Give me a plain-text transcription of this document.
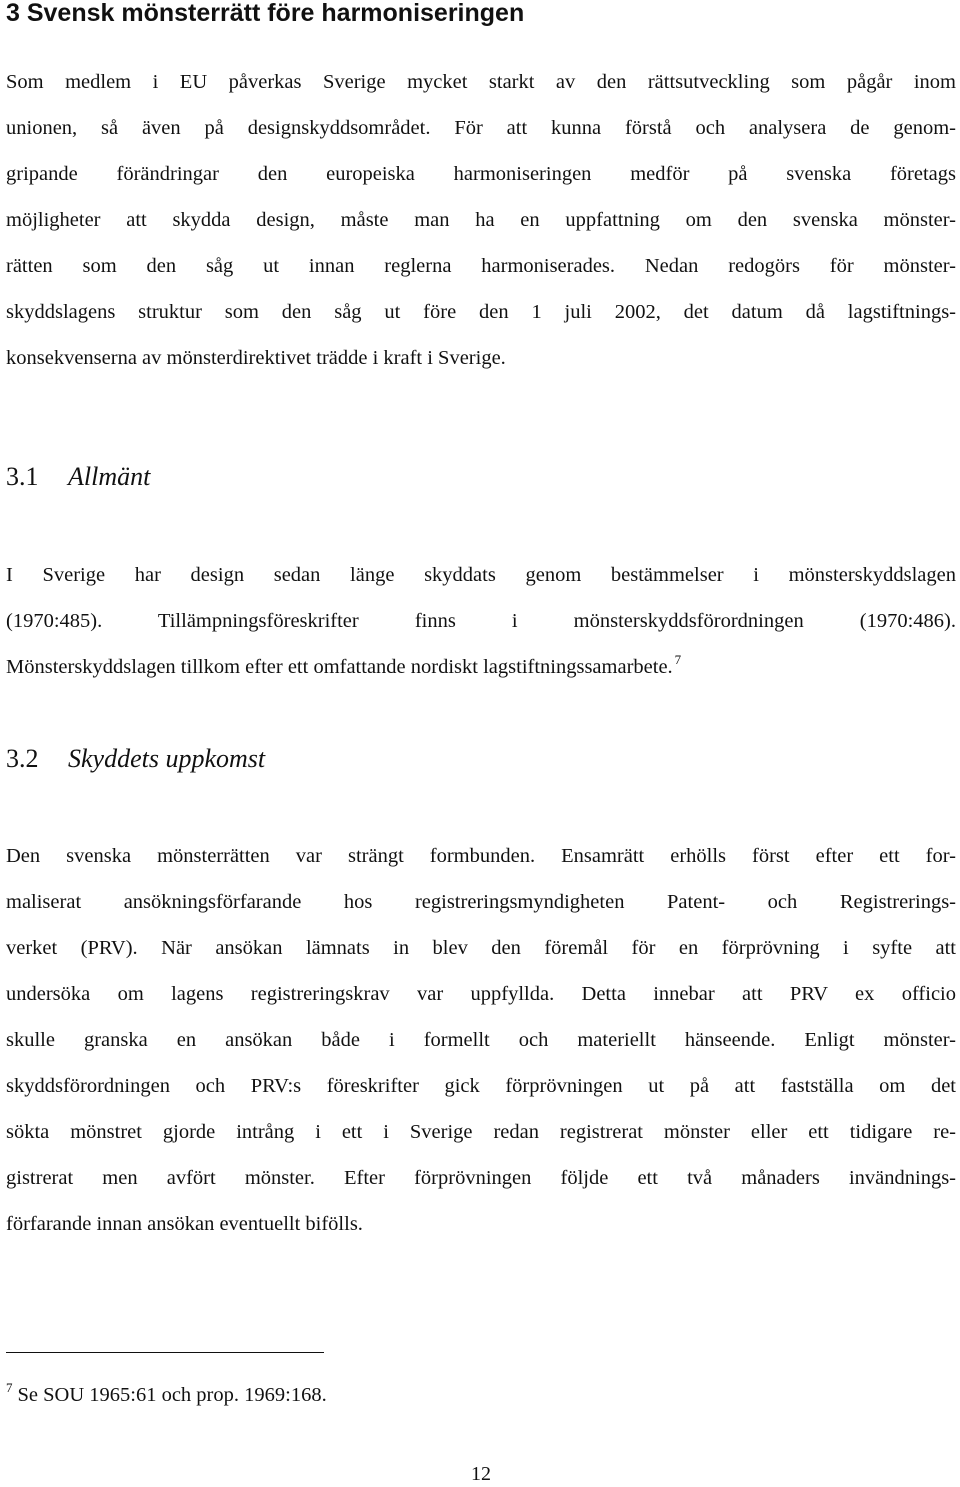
3 Svensk mönsterrätt före harmoniseringen
Som medlem i EU påverkas Sverige mycket starkt av den rättsutveckling som pågår inom
unionen, så även på designskyddsområdet. För att kunna förstå och analysera de genom-
gripande förändringar den europeiska harmoniseringen medför på svenska företags
möjligheter att skydda design, måste man ha en uppfattning om den svenska mönster-
rätten som den såg ut innan reglerna harmoniserades. Nedan redogörs för mönster-
skyddslagens struktur som den såg ut före den 1 juli 2002, det datum då lagstiftnings-
konsekvenserna av mönsterdirektivet trädde i kraft i Sverige.
3.1 Allmänt
I Sverige har design sedan länge skyddats genom bestämmelser i mönsterskyddslagen
(1970:485). Tillämpningsföreskrifter finns i mönsterskyddsförordningen (1970:486).
Mönsterskyddslagen tillkom efter ett omfattande nordiskt lagstiftningssamarbete. $^7$
3.2 Skyddets uppkomst
Den svenska mönsterrätten var strängt formbunden. Ensamrätt erhölls först efter ett for-
maliserat ansökningsförfarande hos registreringsmyndigheten Patent- och Registrerings-
verket (PRV). När ansökan lämnats in blev den föremål för en förprövning i syfte att
undersöka om lagens registreringskrav var uppfyllda. Detta innebar att PRV ex officio
skulle granska en ansökan både i formellt och materiellt hänseende. Enligt mönster-
skyddsförordningen och PRV:s föreskrifter gick förprövningen ut på att fastställa om det
sökta mönstret gjorde intrång i ett i Sverige redan registrerat mönster eller ett tidigare re-
gistrerat men avfört mönster. Efter förprövningen följde ett två månaders invändnings-
förfarande innan ansökan eventuellt bifölls.

$^7$ Se SOU 1965:61 och prop. 1969:168.

12
